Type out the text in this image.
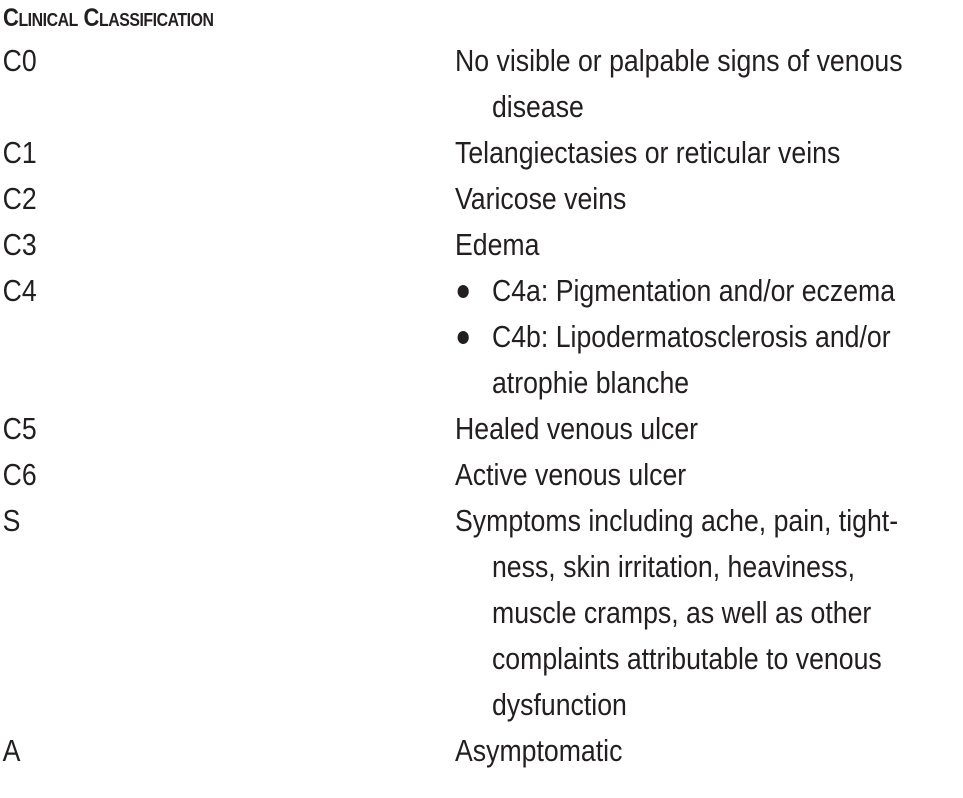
Clinical Classification
C0	No visible or palpable signs of venous
disease
C1	Telangiectasies or reticular veins
C2	Varicose veins
C3	Edema
C4	C4a: Pigmentation and/or eczema
C4b: Lipodermatosclerosis and/or
atrophie blanche
C5	Healed venous ulcer
C6	Active venous ulcer
S	Symptoms including ache, pain, tight-
ness, skin irritation, heaviness,
muscle cramps, as well as other
complaints attributable to venous
dysfunction
A	Asymptomatic
